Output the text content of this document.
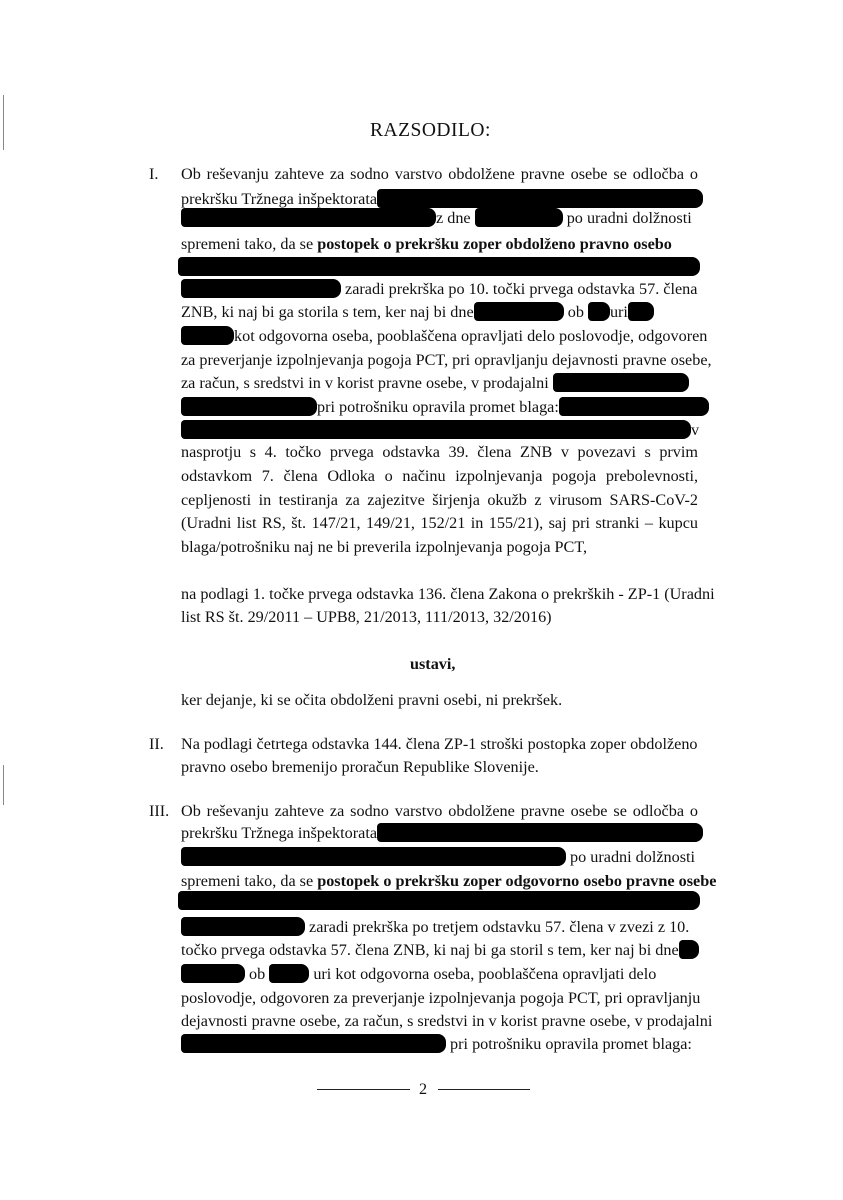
RAZSODILO:
I. Ob reševanju zahteve za sodno varstvo obdolžene pravne osebe se odločba o
prekršku Tržnega inšpektorata
z dne	po uradni dolžnosti
spremeni tako, da se postopek o prekršku zoper obdolženo pravno osebo
zaradi prekrška po 10. točki prvega odstavka 57. člena
ZNB, ki naj bi ga storila s tem, ker naj bi dne	ob uri
kot odgovorna oseba, pooblaščena opravljati delo poslovodje, odgovoren
za preverjanje izpolnjevanja pogoja PCT, pri opravljanju dejavnosti pravne osebe,
za račun, s sredstvi in v korist pravne osebe, v prodajalni
pri potrošniku opravila promet blaga:
v
nasprotju s 4. točko prvega odstavka 39. člena ZNB v povezavi s prvim
odstavkom 7. člena Odloka o načinu izpolnjevanja pogoja prebolevnosti,
cepljenosti in testiranja za zajezitve širjenja okužb z virusom SARS-CoV-2
(Uradni list RS, št. 147/21, 149/21, 152/21 in 155/21), saj pri stranki – kupcu
blaga/potrošniku naj ne bi preverila izpolnjevanja pogoja PCT,
na podlagi 1. točke prvega odstavka 136. člena Zakona o prekrških - ZP-1 (Uradni
list RS št. 29/2011 – UPB8, 21/2013, 111/2013, 32/2016)
ustavi,
ker dejanje, ki se očita obdolženi pravni osebi, ni prekršek.
II. Na podlagi četrtega odstavka 144. člena ZP-1 stroški postopka zoper obdolženo
pravno osebo bremenijo proračun Republike Slovenije.
III. Ob reševanju zahteve za sodno varstvo obdolžene pravne osebe se odločba o
prekršku Tržnega inšpektorata
po uradni dolžnosti
spremeni tako, da se postopek o prekršku zoper odgovorno osebo pravne osebe
zaradi prekrška po tretjem odstavku 57. člena v zvezi z 10.
točko prvega odstavka 57. člena ZNB, ki naj bi ga storil s tem, ker naj bi dne
ob	uri kot odgovorna oseba, pooblaščena opravljati delo
poslovodje, odgovoren za preverjanje izpolnjevanja pogoja PCT, pri opravljanju
dejavnosti pravne osebe, za račun, s sredstvi in v korist pravne osebe, v prodajalni
pri potrošniku opravila promet blaga:
2
